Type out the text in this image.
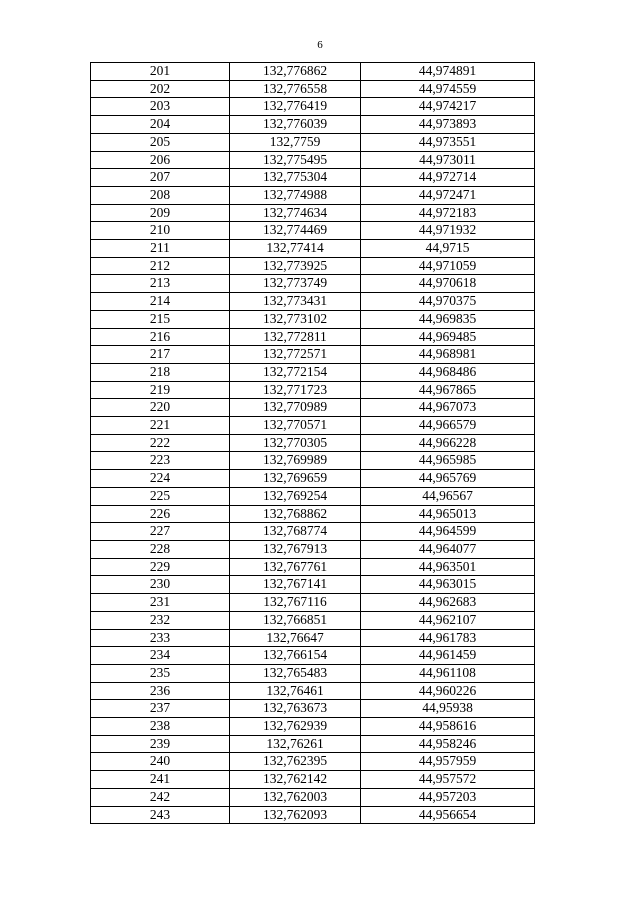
6
201	132,776862	44,974891
202	132,776558	44,974559
203	132,776419	44,974217
204	132,776039	44,973893
205	132,7759	44,973551
206	132,775495	44,973011
207	132,775304	44,972714
208	132,774988	44,972471
209	132,774634	44,972183
210	132,774469	44,971932
211	132,77414	44,9715
212	132,773925	44,971059
213	132,773749	44,970618
214	132,773431	44,970375
215	132,773102	44,969835
216	132,772811	44,969485
217	132,772571	44,968981
218	132,772154	44,968486
219	132,771723	44,967865
220	132,770989	44,967073
221	132,770571	44,966579
222	132,770305	44,966228
223	132,769989	44,965985
224	132,769659	44,965769
225	132,769254	44,96567
226	132,768862	44,965013
227	132,768774	44,964599
228	132,767913	44,964077
229	132,767761	44,963501
230	132,767141	44,963015
231	132,767116	44,962683
232	132,766851	44,962107
233	132,76647	44,961783
234	132,766154	44,961459
235	132,765483	44,961108
236	132,76461	44,960226
237	132,763673	44,95938
238	132,762939	44,958616
239	132,76261	44,958246
240	132,762395	44,957959
241	132,762142	44,957572
242	132,762003	44,957203
243	132,762093	44,956654
